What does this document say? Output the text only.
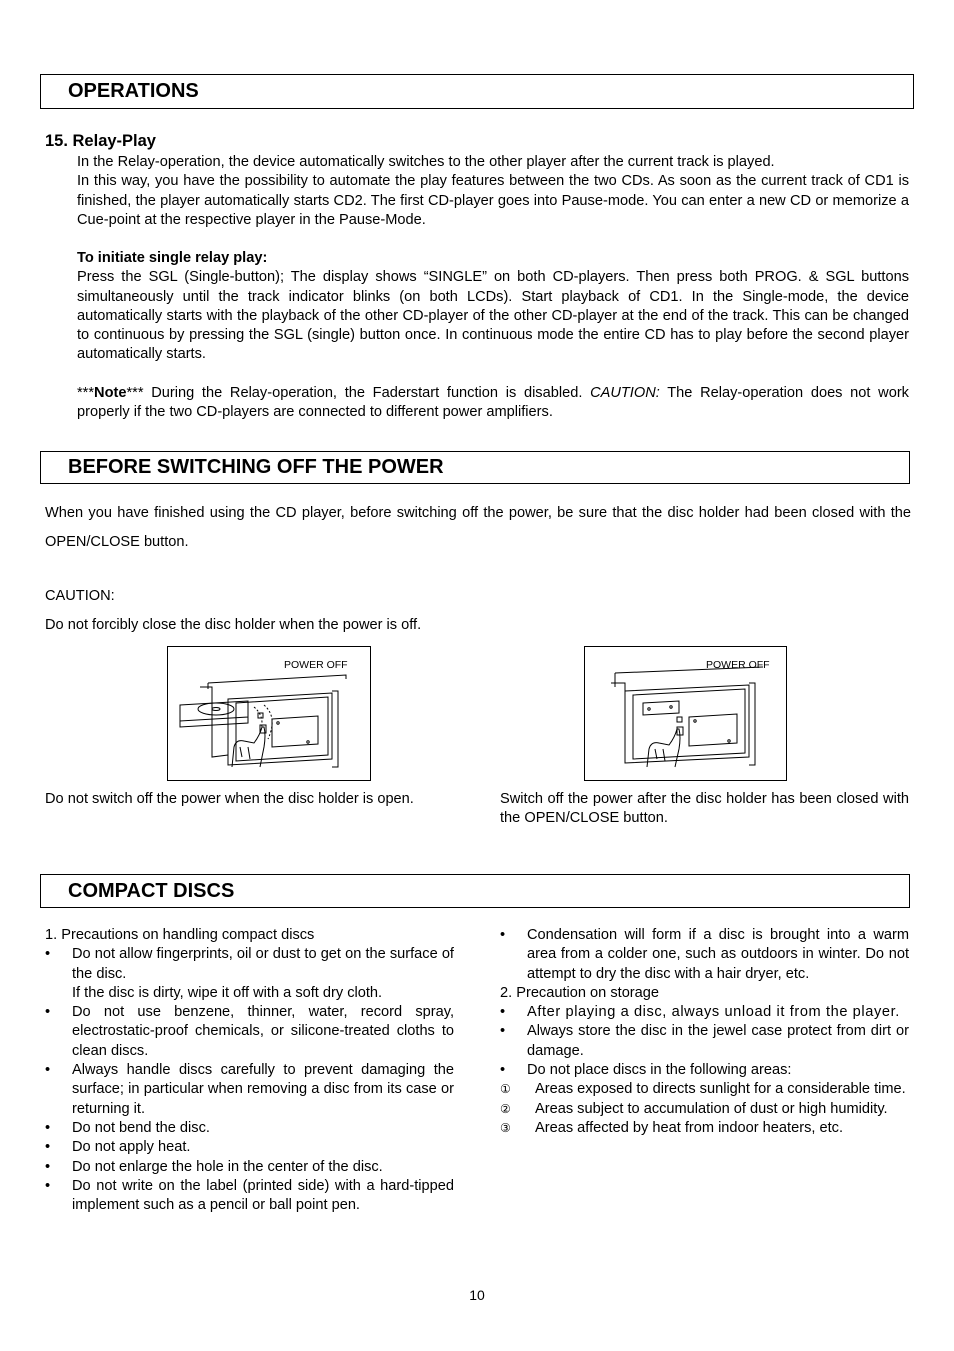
OPERATIONS
15. Relay-Play

In the Relay-operation, the device automatically switches to the other player after the current track is played.

In this way, you have the possibility to automate the play features between the two CDs. As soon as the current track of CD1 is finished, the player automatically starts CD2. The first CD-player goes into Pause-mode. You can enter a new CD or memorize a Cue-point at the respective player in the Pause-Mode.

To initiate single relay play:

Press the SGL (Single-button); The display shows “SINGLE” on both CD-players. Then press both PROG. & SGL buttons simultaneously until the track indicator blinks (on both LCDs). Start playback of CD1. In the Single-mode, the device automatically starts with the playback of the other CD-player of the other CD-player at the end of the track. This can be changed to continuous by pressing the SGL (single) button once. In continuous mode the entire CD has to play before the second player automatically starts.

***Note*** During the Relay-operation, the Faderstart function is disabled. CAUTION: The Relay-operation does not work properly if the two CD-players are connected to different power amplifiers.

BEFORE SWITCHING OFF THE POWER
When you have finished using the CD player, before switching off the power, be sure that the disc holder had been closed with the OPEN/CLOSE button.
CAUTION:
Do not forcibly close the disc holder when the power is off.
POWER OFF	POWER OFF
Do not switch off the power when the disc holder is open.	Switch off the power after the disc holder has been closed with the OPEN/CLOSE button.
COMPACT DISCS

1. Precautions on handling compact discs

• Do not allow fingerprints, oil or dust to get on the surface of the disc.
If the disc is dirty, wipe it off with a soft dry cloth.
• Do not use benzene, thinner, water, record spray, electrostatic-proof chemicals, or silicone-treated cloths to clean discs.
• Always handle discs carefully to prevent damaging the surface; in particular when removing a disc from its case or returning it.
• Do not bend the disc.
• Do not apply heat.
• Do not enlarge the hole in the center of the disc.
• Do not write on the label (printed side) with a hard-tipped implement such as a pencil or ball point pen.
• Condensation will form if a disc is brought into a warm area from a colder one, such as outdoors in winter. Do not attempt to dry the disc with a hair dryer, etc.

2. Precaution on storage

• After playing a disc, always unload it from the player.
• Always store the disc in the jewel case protect from dirt or damage.
• Do not place discs in the following areas:
① Areas exposed to directs sunlight for a considerable time.
② Areas subject to accumulation of dust or high humidity.
③ Areas affected by heat from indoor heaters, etc.
10
